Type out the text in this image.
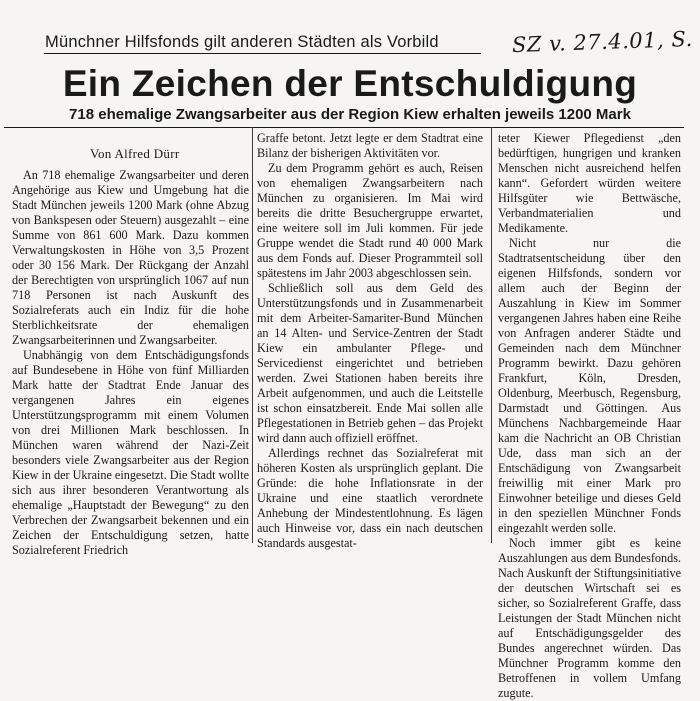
Münchner Hilfsfonds gilt anderen Städten als Vorbild	SZ v. 27.4.01, S.
Ein Zeichen der Entschuldigung
718 ehemalige Zwangsarbeiter aus der Region Kiew erhalten jeweils 1200 Mark
Von Alfred Dürr

An 718 ehemalige Zwangsarbeiter und deren Angehörige aus Kiew und Umgebung hat die Stadt München jeweils 1200 Mark (ohne Abzug von Bankspesen oder Steuern) ausgezahlt – eine Summe von 861 600 Mark. Dazu kommen Verwaltungskosten in Höhe von 3,5 Prozent oder 30 156 Mark. Der Rückgang der Anzahl der Berechtigten von ursprünglich 1067 auf nun 718 Personen ist nach Auskunft des Sozialreferats auch ein Indiz für die hohe Sterblichkeitsrate der ehemaligen Zwangsarbeiterinnen und Zwangsarbeiter.

Unabhängig von dem Entschädigungsfonds auf Bundesebene in Höhe von fünf Milliarden Mark hatte der Stadtrat Ende Januar des vergangenen Jahres ein eigenes Unterstützungsprogramm mit einem Volumen von drei Millionen Mark beschlossen. In München waren während der Nazi-Zeit besonders viele Zwangsarbeiter aus der Region Kiew in der Ukraine eingesetzt. Die Stadt wollte sich aus ihrer besonderen Verantwortung als ehemalige „Hauptstadt der Bewegung“ zu den Verbrechen der Zwangsarbeit bekennen und ein Zeichen der Entschuldigung setzen, hatte Sozialreferent Friedrich

Graffe betont. Jetzt legte er dem Stadtrat eine Bilanz der bisherigen Aktivitäten vor.

Zu dem Programm gehört es auch, Reisen von ehemaligen Zwangsarbeitern nach München zu organisieren. Im Mai wird bereits die dritte Besuchergruppe erwartet, eine weitere soll im Juli kommen. Für jede Gruppe wendet die Stadt rund 40 000 Mark aus dem Fonds auf. Dieser Programmteil soll spätestens im Jahr 2003 abgeschlossen sein.

Schließlich soll aus dem Geld des Unterstützungsfonds und in Zusammenarbeit mit dem Arbeiter-Samariter-Bund München an 14 Alten- und Service-Zentren der Stadt Kiew ein ambulanter Pflege- und Servicedienst eingerichtet und betrieben werden. Zwei Stationen haben bereits ihre Arbeit aufgenommen, und auch die Leitstelle ist schon einsatzbereit. Ende Mai sollen alle Pflegestationen in Betrieb gehen – das Projekt wird dann auch offiziell eröffnet.

Allerdings rechnet das Sozialreferat mit höheren Kosten als ursprünglich geplant. Die Gründe: die hohe Inflationsrate in der Ukraine und eine staatlich verordnete Anhebung der Mindestentlohnung. Es lägen auch Hinweise vor, dass ein nach deutschen Standards ausgestat-

teter Kiewer Pflegedienst „den bedürftigen, hungrigen und kranken Menschen nicht ausreichend helfen kann“. Gefordert würden weitere Hilfsgüter wie Bettwäsche, Verbandmaterialien und Medikamente.

Nicht nur die Stadtratsentscheidung über den eigenen Hilfsfonds, sondern vor allem auch der Beginn der Auszahlung in Kiew im Sommer vergangenen Jahres haben eine Reihe von Anfragen anderer Städte und Gemeinden nach dem Münchner Programm bewirkt. Dazu gehören Frankfurt, Köln, Dresden, Oldenburg, Meerbusch, Regensburg, Darmstadt und Göttingen. Aus Münchens Nachbargemeinde Haar kam die Nachricht an OB Christian Ude, dass man sich an der Entschädigung von Zwangsarbeit freiwillig mit einer Mark pro Einwohner beteilige und dieses Geld in den speziellen Münchner Fonds eingezahlt werden solle.

Noch immer gibt es keine Auszahlungen aus dem Bundesfonds. Nach Auskunft der Stiftungsinitiative der deutschen Wirtschaft sei es sicher, so Sozialreferent Graffe, dass Leistungen der Stadt München nicht auf Entschädigungsgelder des Bundes angerechnet würden. Das Münchner Programm komme den Betroffenen in vollem Umfang zugute.
